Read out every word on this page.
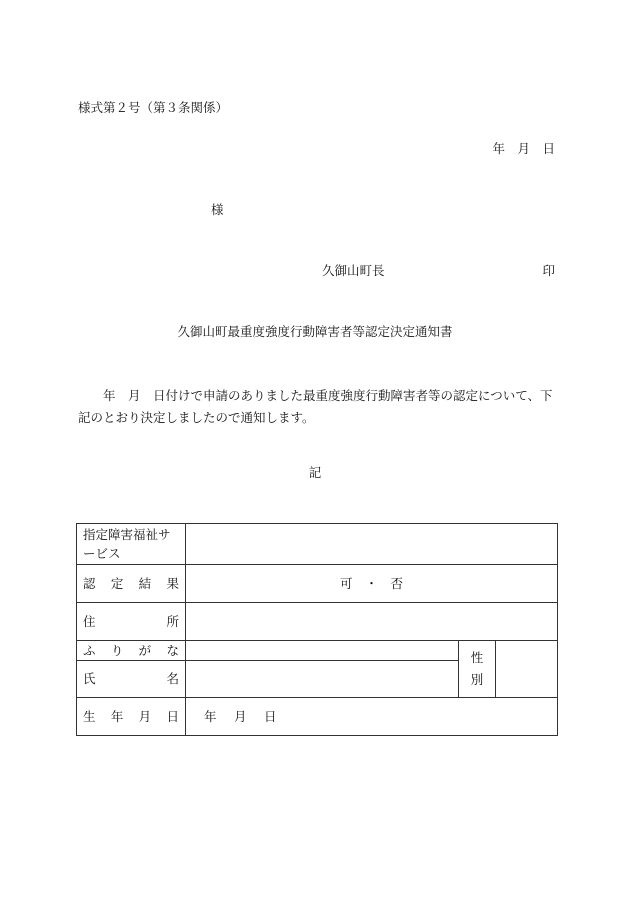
様式第２号（第３条関係）
年　月　日
様
久御山町長	印
久御山町最重度強度行動障害者等認定決定通知書
年　月　日付けで申請のありました最重度強度行動障害者等の認定について、下記のとおり決定しましたので通知します。
記
指定障害福祉サービス			
認定結果	可 ・ 否		
住所			
ふりがな		性別	
氏名			
生年月日	年 月 日		
